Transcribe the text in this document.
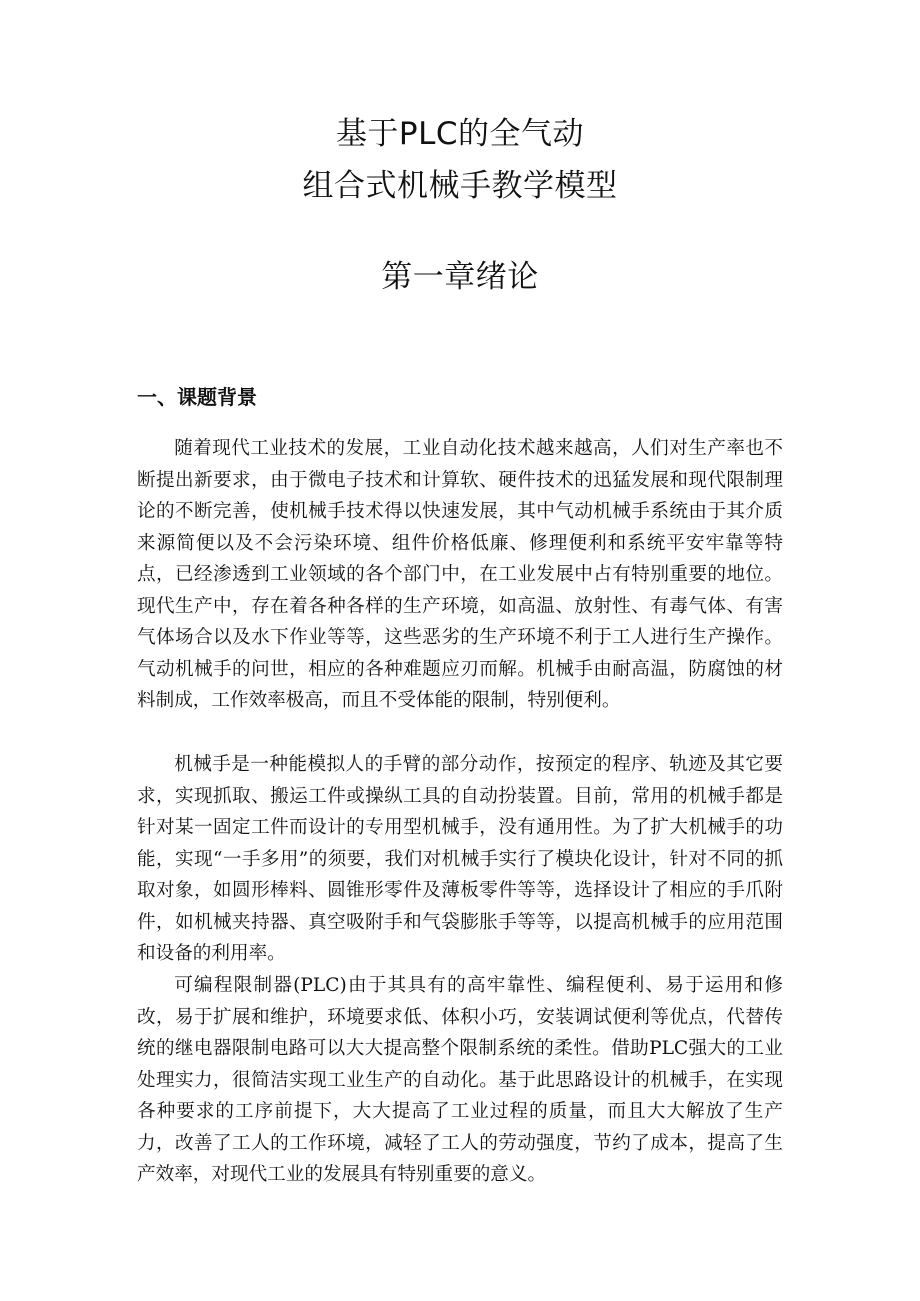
基于PLC的全气动
组合式机械手教学模型
第一章绪论
一、课题背景

随着现代工业技术的发展，工业自动化技术越来越高，人们对生产率也不断提出新要求，由于微电子技术和计算软、硬件技术的迅猛发展和现代限制理论的不断完善，使机械手技术得以快速发展，其中气动机械手系统由于其介质来源简便以及不会污染环境、组件价格低廉、修理便利和系统平安牢靠等特点，已经渗透到工业领域的各个部门中，在工业发展中占有特别重要的地位。现代生产中，存在着各种各样的生产环境，如高温、放射性、有毒气体、有害气体场合以及水下作业等等，这些恶劣的生产环境不利于工人进行生产操作。气动机械手的问世，相应的各种难题应刃而解。机械手由耐高温，防腐蚀的材料制成，工作效率极高，而且不受体能的限制，特别便利。

机械手是一种能模拟人的手臂的部分动作，按预定的程序、轨迹及其它要求，实现抓取、搬运工件或操纵工具的自动扮装置。目前，常用的机械手都是针对某一固定工件而设计的专用型机械手，没有通用性。为了扩大机械手的功能，实现“一手多用”的须要，我们对机械手实行了模块化设计，针对不同的抓取对象，如圆形棒料、圆锥形零件及薄板零件等等，选择设计了相应的手爪附件，如机械夹持器、真空吸附手和气袋膨胀手等等，以提高机械手的应用范围和设备的利用率。

可编程限制器(PLC)由于其具有的高牢靠性、编程便利、易于运用和修改，易于扩展和维护，环境要求低、体积小巧，安装调试便利等优点，代替传统的继电器限制电路可以大大提高整个限制系统的柔性。借助PLC强大的工业处理实力，很简洁实现工业生产的自动化。基于此思路设计的机械手，在实现各种要求的工序前提下，大大提高了工业过程的质量，而且大大解放了生产力，改善了工人的工作环境，减轻了工人的劳动强度，节约了成本，提高了生产效率，对现代工业的发展具有特别重要的意义。
